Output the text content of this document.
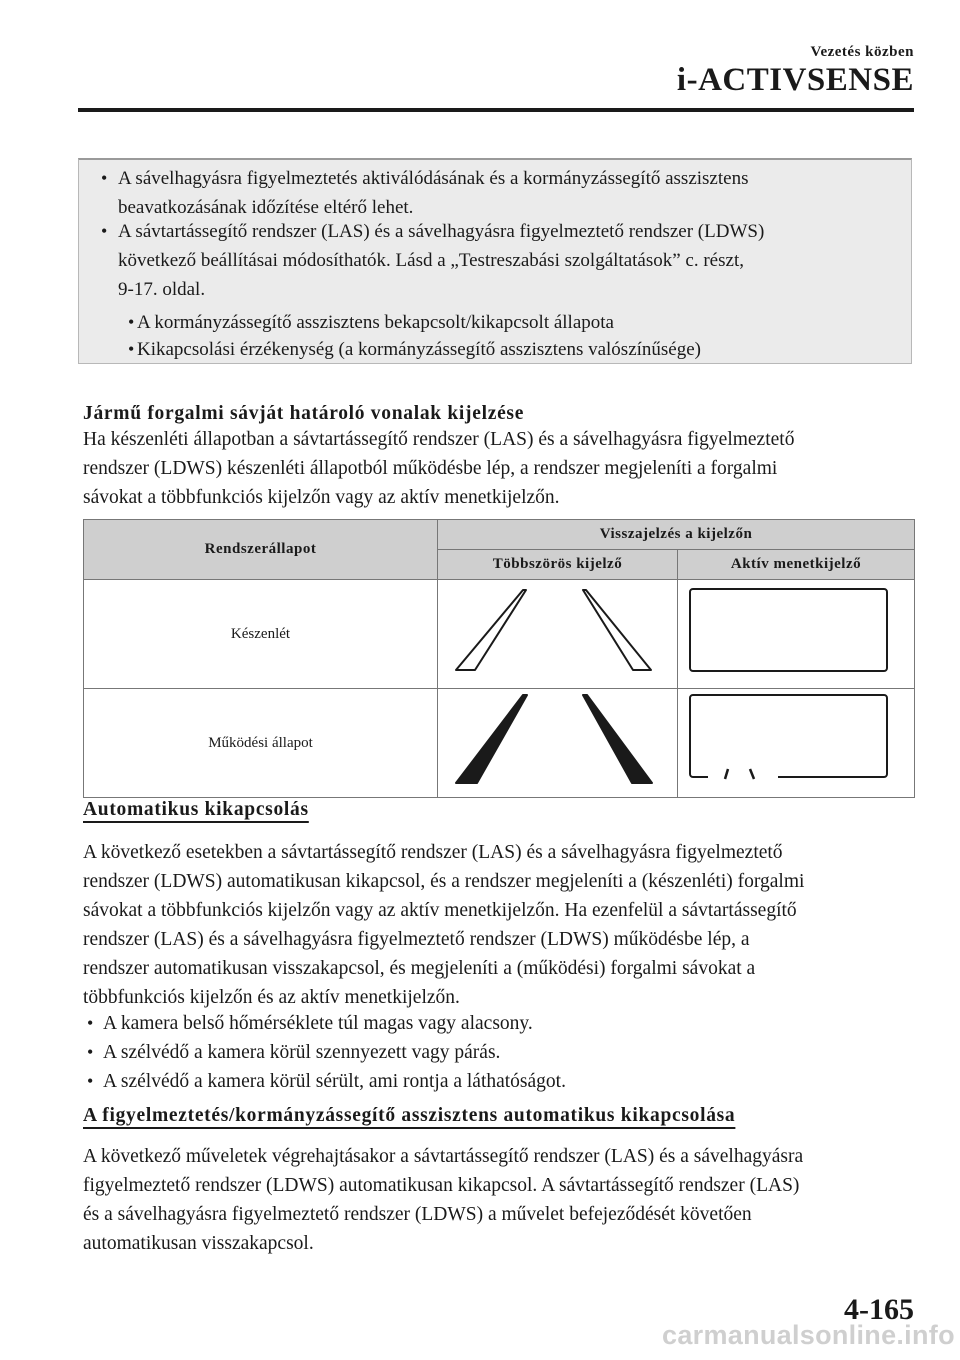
Vezetés közben
i-ACTIVSENSE
• A sávelhagyásra figyelmeztetés aktiválódásának és a kormányzássegítő asszisztens
beavatkozásának időzítése eltérő lehet.
• A sávtartássegítő rendszer (LAS) és a sávelhagyásra figyelmeztető rendszer (LDWS)
következő beállításai módosíthatók. Lásd a „Testreszabási szolgáltatások” c. részt,
9-17. oldal.
• A kormányzássegítő asszisztens bekapcsolt/kikapcsolt állapota
• Kikapcsolási érzékenység (a kormányzássegítő asszisztens valószínűsége)
Jármű forgalmi sávját határoló vonalak kijelzése
Ha készenléti állapotban a sávtartássegítő rendszer (LAS) és a sávelhagyásra figyelmeztető
rendszer (LDWS) készenléti állapotból működésbe lép, a rendszer megjeleníti a forgalmi
sávokat a többfunkciós kijelzőn vagy az aktív menetkijelzőn.
Rendszerállapot	Visszajelzés a kijelzőn	
	Többszörös kijelző	Aktív menetkijelző
Készenlét		
Működési állapot		
Automatikus kikapcsolás
A következő esetekben a sávtartássegítő rendszer (LAS) és a sávelhagyásra figyelmeztető
rendszer (LDWS) automatikusan kikapcsol, és a rendszer megjeleníti a (készenléti) forgalmi
sávokat a többfunkciós kijelzőn vagy az aktív menetkijelzőn. Ha ezenfelül a sávtartássegítő
rendszer (LAS) és a sávelhagyásra figyelmeztető rendszer (LDWS) működésbe lép, a
rendszer automatikusan visszakapcsol, és megjeleníti a (működési) forgalmi sávokat a
többfunkciós kijelzőn és az aktív menetkijelzőn.
• A kamera belső hőmérséklete túl magas vagy alacsony.
• A szélvédő a kamera körül szennyezett vagy párás.
• A szélvédő a kamera körül sérült, ami rontja a láthatóságot.
A figyelmeztetés/kormányzássegítő asszisztens automatikus kikapcsolása
A következő műveletek végrehajtásakor a sávtartássegítő rendszer (LAS) és a sávelhagyásra
figyelmeztető rendszer (LDWS) automatikusan kikapcsol. A sávtartássegítő rendszer (LAS)
és a sávelhagyásra figyelmeztető rendszer (LDWS) a művelet befejeződését követően
automatikusan visszakapcsol.
4-165
carmanualsonline.info
